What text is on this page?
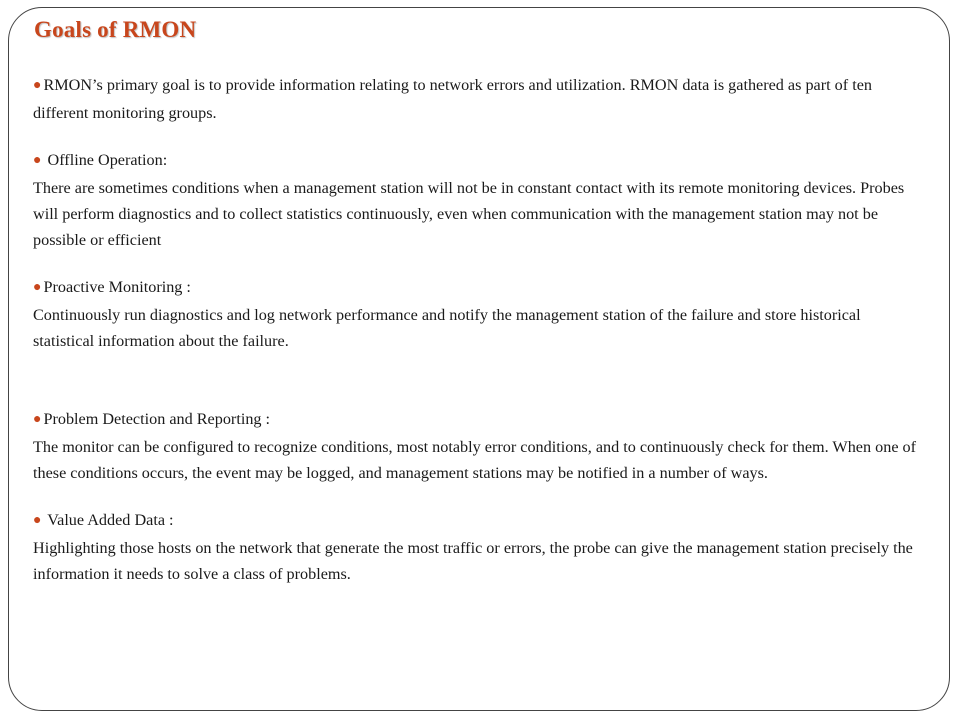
Goals of RMON
● RMON’s primary goal is to provide information relating to network errors and utilization. RMON data is gathered as part of ten different monitoring groups.
● Offline Operation:
There are sometimes conditions when a management station will not be in constant contact with its remote monitoring devices. Probes will perform diagnostics and to collect statistics continuously, even when communication with the management station may not be possible or efficient
● Proactive Monitoring :
Continuously run diagnostics and log network performance and notify the management station of the failure and store historical statistical information about the failure.
● Problem Detection and Reporting :
The monitor can be configured to recognize conditions, most notably error conditions, and to continuously check for them. When one of these conditions occurs, the event may be logged, and management stations may be notified in a number of ways.
● Value Added Data :
Highlighting those hosts on the network that generate the most traffic or errors, the probe can give the management station precisely the information it needs to solve a class of problems.
